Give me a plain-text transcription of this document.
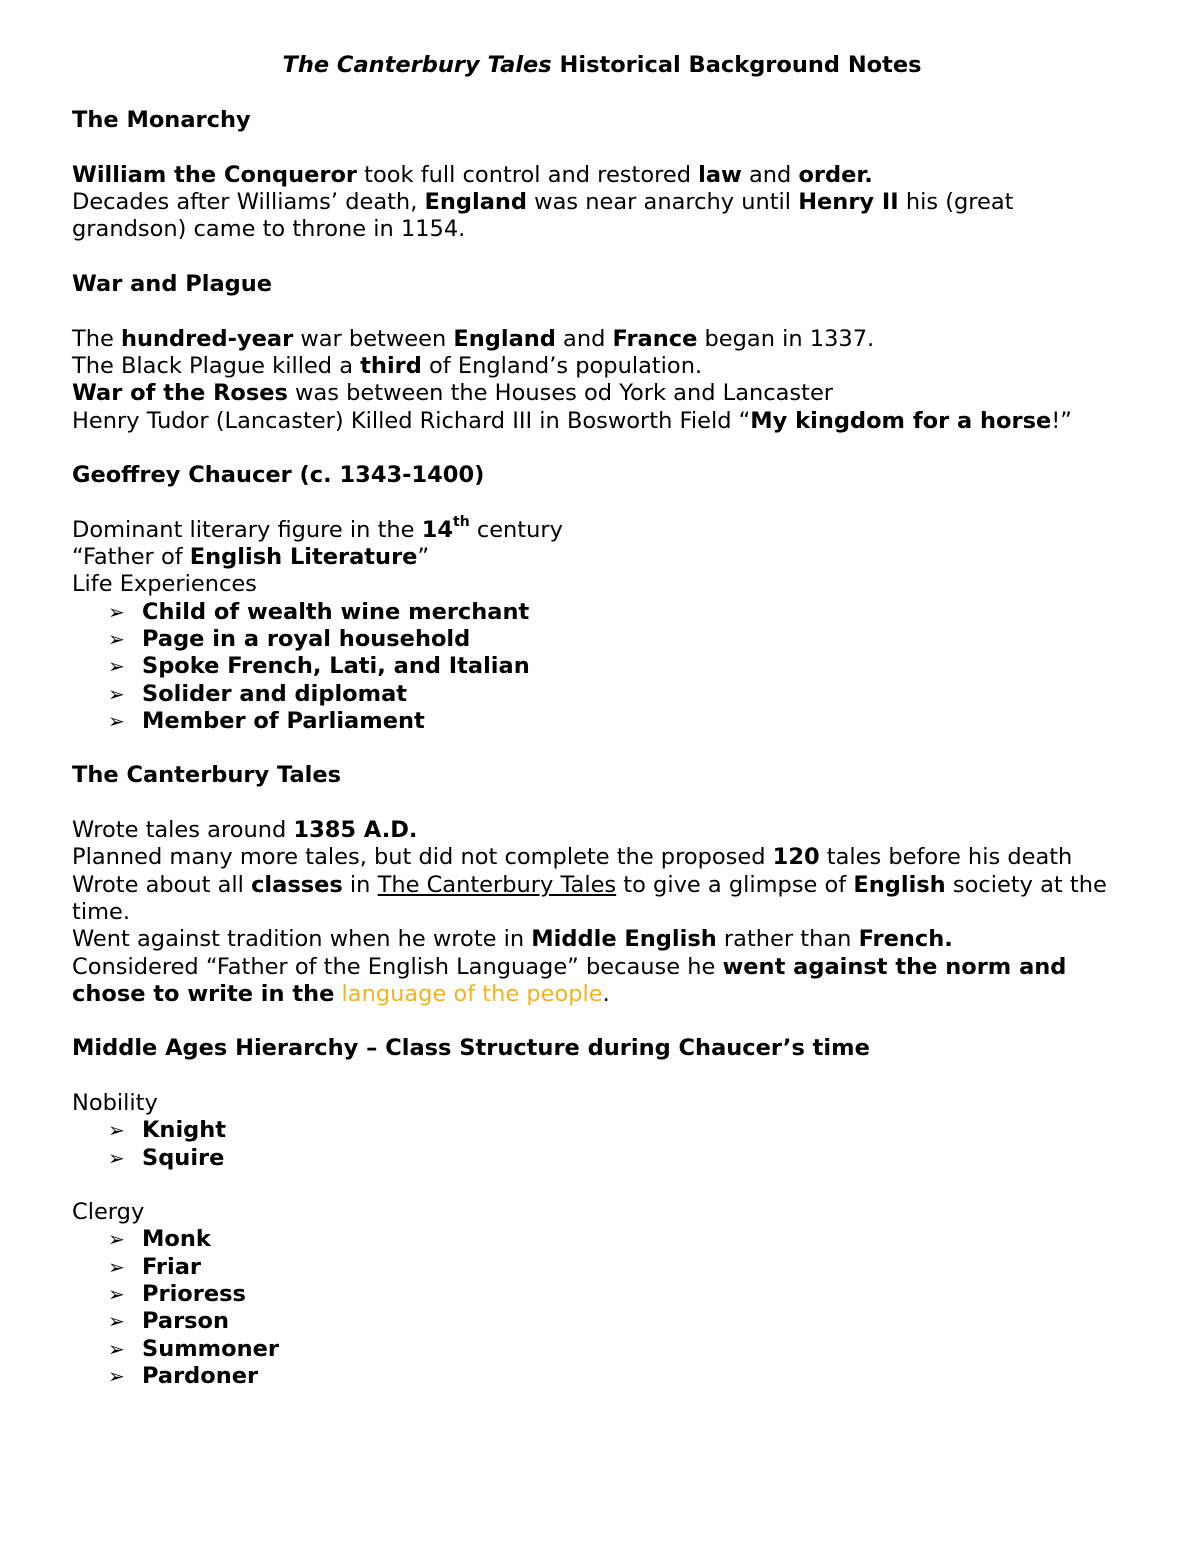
The Canterbury Tales Historical Background Notes

The Monarchy

William the Conqueror took full control and restored law and order.

Decades after Williams’ death, England was near anarchy until Henry II his (great grandson) came to throne in 1154.

War and Plague

The hundred-year war between England and France began in 1337.

The Black Plague killed a third of England’s population.

War of the Roses was between the Houses od York and Lancaster

Henry Tudor (Lancaster) Killed Richard III in Bosworth Field “My kingdom for a horse!”

Geoffrey Chaucer (c. 1343-1400)

Dominant literary figure in the 14th century

“Father of English Literature”

Life Experiences

➢ Child of wealth wine merchant
➢ Page in a royal household
➢ Spoke French, Lati, and Italian
➢ Solider and diplomat
➢ Member of Parliament

The Canterbury Tales

Wrote tales around 1385 A.D.

Planned many more tales, but did not complete the proposed 120 tales before his death

Wrote about all classes in The Canterbury Tales to give a glimpse of English society at the time.

Went against tradition when he wrote in Middle English rather than French.

Considered “Father of the English Language” because he went against the norm and chose to write in the language of the people.

Middle Ages Hierarchy – Class Structure during Chaucer’s time

Nobility

➢ Knight
➢ Squire

Clergy

➢ Monk
➢ Friar
➢ Prioress
➢ Parson
➢ Summoner
➢ Pardoner
